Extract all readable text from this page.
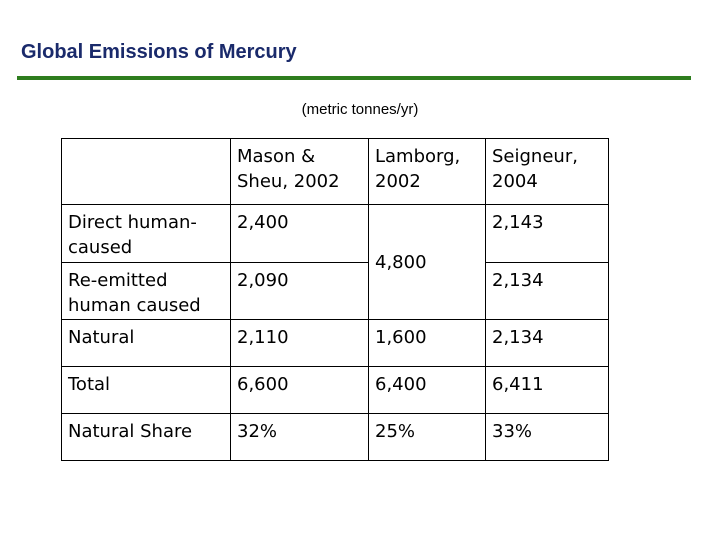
Global Emissions of Mercury
(metric tonnes/yr)
	Mason & Sheu, 2002	Lamborg, 2002	Seigneur, 2004
Direct human-caused	2,400	4,800	2,143
Re-emitted human caused	2,090		2,134
Natural	2,110	1,600	2,134
Total	6,600	6,400	6,411
Natural Share	32%	25%	33%
